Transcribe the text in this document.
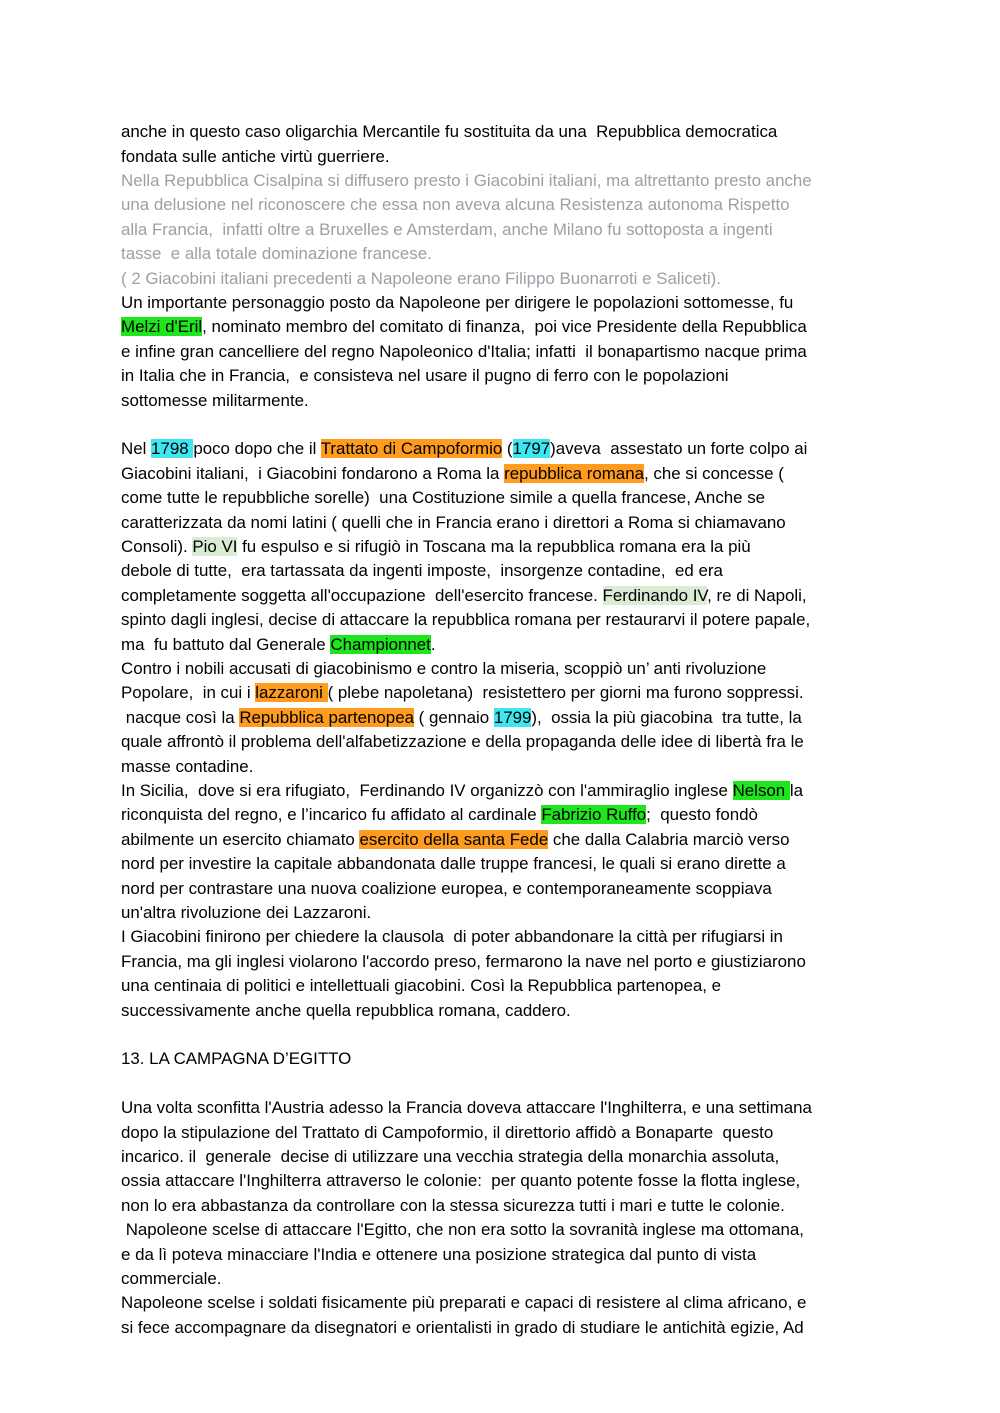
anche in questo caso oligarchia Mercantile fu sostituita da una  Repubblica democratica
fondata sulle antiche virtù guerriere.
Nella Repubblica Cisalpina si diffusero presto i Giacobini italiani, ma altrettanto presto anche
una delusione nel riconoscere che essa non aveva alcuna Resistenza autonoma Rispetto
alla Francia,  infatti oltre a Bruxelles e Amsterdam, anche Milano fu sottoposta a ingenti
tasse  e alla totale dominazione francese.
( 2 Giacobini italiani precedenti a Napoleone erano Filippo Buonarroti e Saliceti).
Un importante personaggio posto da Napoleone per dirigere le popolazioni sottomesse, fu
Melzi d'Eril, nominato membro del comitato di finanza,  poi vice Presidente della Repubblica
e infine gran cancelliere del regno Napoleonico d'Italia; infatti  il bonapartismo nacque prima
in Italia che in Francia,  e consisteva nel usare il pugno di ferro con le popolazioni
sottomesse militarmente.
Nel 1798 poco dopo che il Trattato di Campoformio (1797)aveva  assestato un forte colpo ai
Giacobini italiani,  i Giacobini fondarono a Roma la repubblica romana, che si concesse (
come tutte le repubbliche sorelle)  una Costituzione simile a quella francese, Anche se
caratterizzata da nomi latini ( quelli che in Francia erano i direttori a Roma si chiamavano
Consoli). Pio VI fu espulso e si rifugiò in Toscana ma la repubblica romana era la più
debole di tutte,  era tartassata da ingenti imposte,  insorgenze contadine,  ed era
completamente soggetta all'occupazione  dell'esercito francese. Ferdinando IV, re di Napoli,
spinto dagli inglesi, decise di attaccare la repubblica romana per restaurarvi il potere papale,
ma  fu battuto dal Generale Championnet.
Contro i nobili accusati di giacobinismo e contro la miseria, scoppiò un’ anti rivoluzione
Popolare,  in cui i lazzaroni ( plebe napoletana)  resistettero per giorni ma furono soppressi.
nacque così la Repubblica partenopea ( gennaio 1799),  ossia la più giacobina  tra tutte, la
quale affrontò il problema dell'alfabetizzazione e della propaganda delle idee di libertà fra le
masse contadine.
In Sicilia,  dove si era rifugiato,  Ferdinando IV organizzò con l'ammiraglio inglese Nelson la
riconquista del regno, e l’incarico fu affidato al cardinale Fabrizio Ruffo;  questo fondò
abilmente un esercito chiamato esercito della santa Fede che dalla Calabria marciò verso
nord per investire la capitale abbandonata dalle truppe francesi, le quali si erano dirette a
nord per contrastare una nuova coalizione europea, e contemporaneamente scoppiava
un'altra rivoluzione dei Lazzaroni.
I Giacobini finirono per chiedere la clausola  di poter abbandonare la città per rifugiarsi in
Francia, ma gli inglesi violarono l'accordo preso, fermarono la nave nel porto e giustiziarono
una centinaia di politici e intellettuali giacobini. Così la Repubblica partenopea, e
successivamente anche quella repubblica romana, caddero.
13. LA CAMPAGNA D’EGITTO
Una volta sconfitta l'Austria adesso la Francia doveva attaccare l'Inghilterra, e una settimana
dopo la stipulazione del Trattato di Campoformio, il direttorio affidò a Bonaparte  questo
incarico. il  generale  decise di utilizzare una vecchia strategia della monarchia assoluta,
ossia attaccare l'Inghilterra attraverso le colonie:  per quanto potente fosse la flotta inglese,
non lo era abbastanza da controllare con la stessa sicurezza tutti i mari e tutte le colonie.
Napoleone scelse di attaccare l'Egitto, che non era sotto la sovranità inglese ma ottomana,
e da lì poteva minacciare l'India e ottenere una posizione strategica dal punto di vista
commerciale.
Napoleone scelse i soldati fisicamente più preparati e capaci di resistere al clima africano, e
si fece accompagnare da disegnatori e orientalisti in grado di studiare le antichità egizie, Ad
